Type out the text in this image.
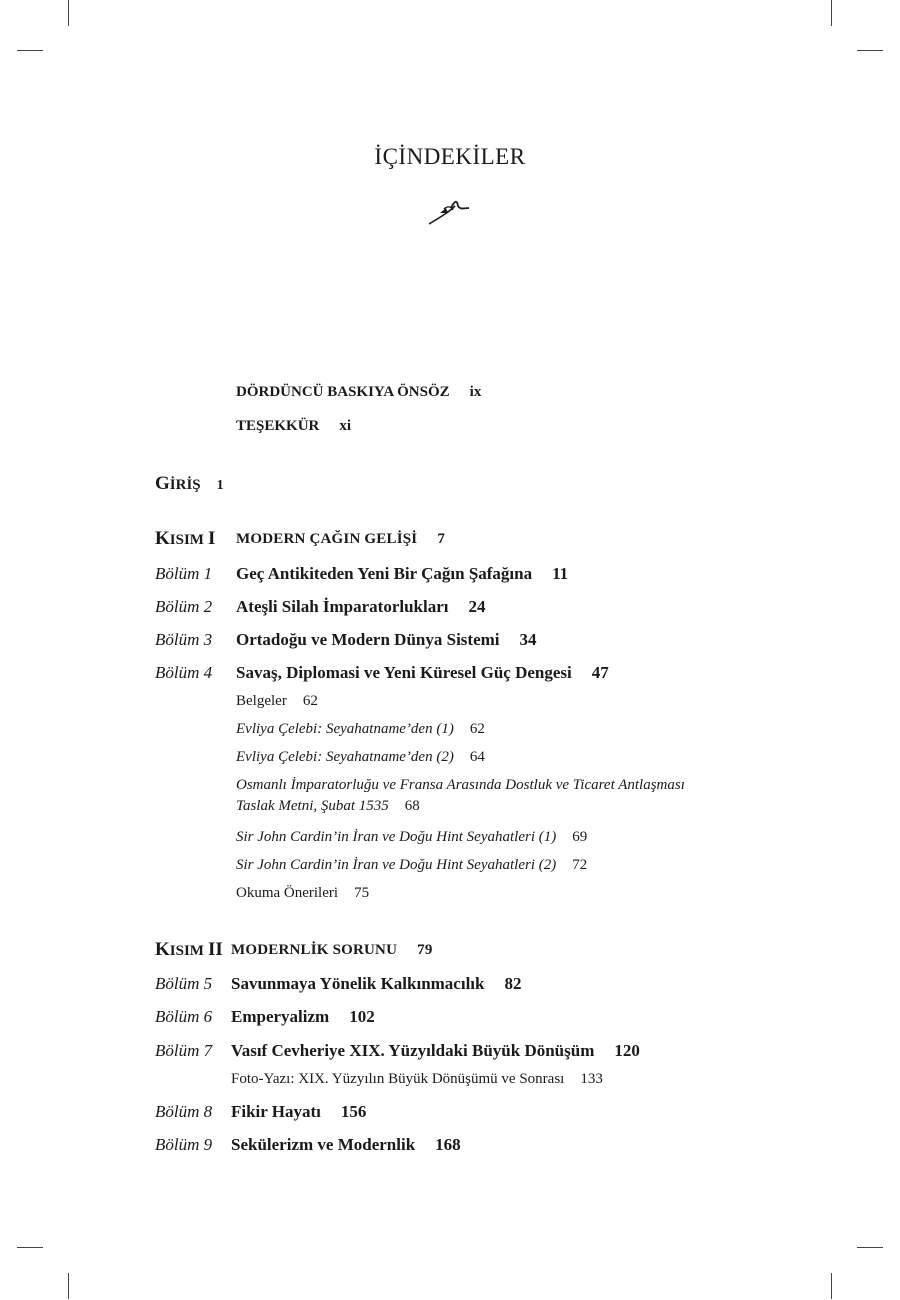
İÇİNDEKİLER
DÖRDÜNCÜ BASKIYA ÖNSÖZ ix
TEŞEKKÜR xi
GİRİŞ 1
KISIM I MODERN ÇAĞIN GELİŞİ 7
Bölüm 1 Geç Antikiteden Yeni Bir Çağın Şafağına 11
Bölüm 2 Ateşli Silah İmparatorlukları 24
Bölüm 3 Ortadoğu ve Modern Dünya Sistemi 34
Bölüm 4 Savaş, Diplomasi ve Yeni Küresel Güç Dengesi 47
Belgeler 62
Evliya Çelebi: Seyahatname’den (1) 62
Evliya Çelebi: Seyahatname’den (2) 64
Osmanlı İmparatorluğu ve Fransa Arasında Dostluk ve Ticaret Antlaşması
Taslak Metni, Şubat 1535 68
Sir John Cardin’in İran ve Doğu Hint Seyahatleri (1) 69
Sir John Cardin’in İran ve Doğu Hint Seyahatleri (2) 72
Okuma Önerileri 75
KISIM II MODERNLİK SORUNU 79
Bölüm 5 Savunmaya Yönelik Kalkınmacılık 82
Bölüm 6 Emperyalizm 102
Bölüm 7 Vasıf Cevheriye XIX. Yüzyıldaki Büyük Dönüşüm 120
Foto-Yazı: XIX. Yüzyılın Büyük Dönüşümü ve Sonrası 133
Bölüm 8 Fikir Hayatı 156
Bölüm 9 Sekülerizm ve Modernlik 168
